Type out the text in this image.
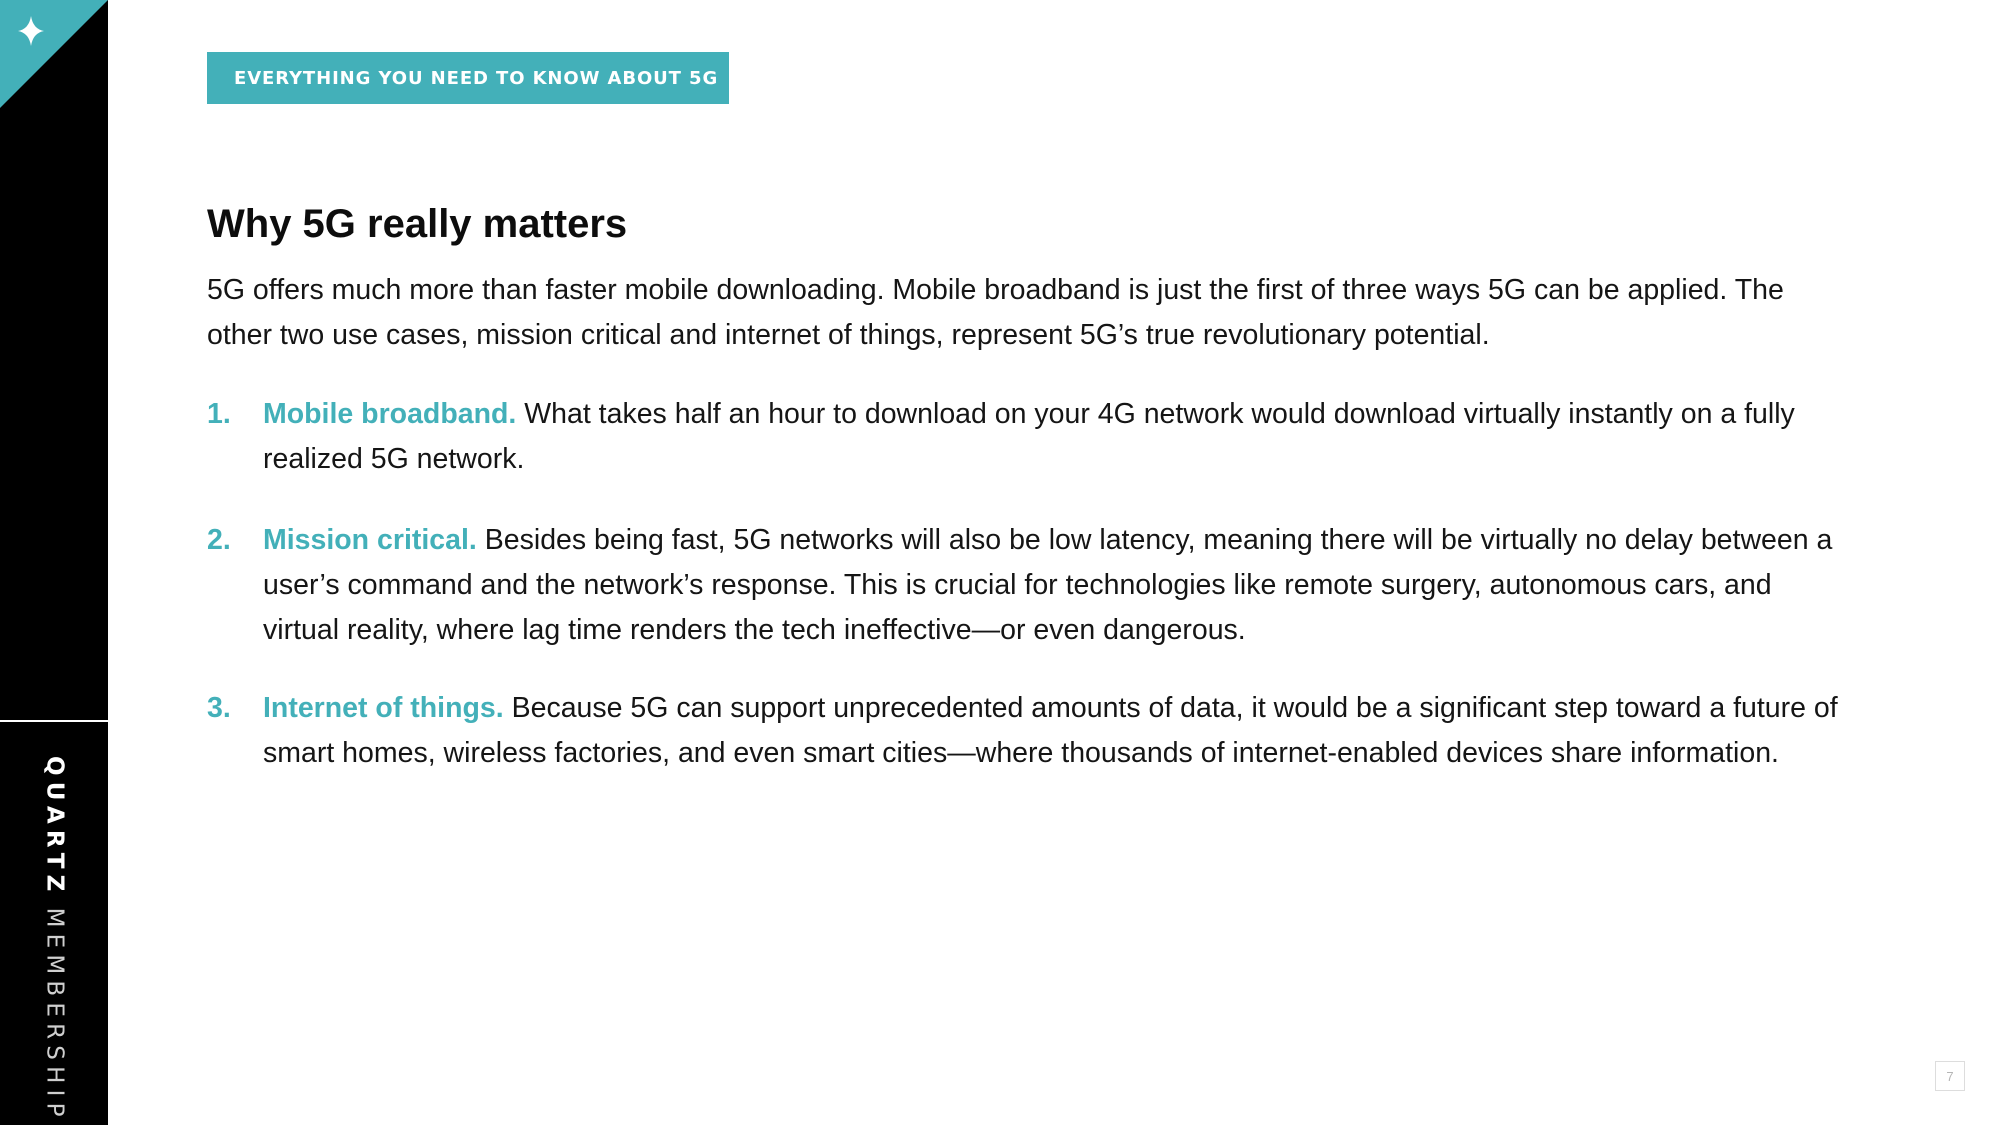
QUARTZMEMBERSHIP
EVERYTHING YOU NEED TO KNOW ABOUT 5G
Why 5G really matters

5G offers much more than faster mobile downloading. Mobile broadband is just the first of three ways 5G can be applied. The other two use cases, mission critical and internet of things, represent 5G’s true revolutionary potential.

1. Mobile broadband. What takes half an hour to download on your 4G network would download virtually instantly on a fully realized 5G network.
2. Mission critical. Besides being fast, 5G networks will also be low latency, meaning there will be virtually no delay between a user’s command and the network’s response. This is crucial for technologies like remote surgery, autonomous cars, and virtual reality, where lag time renders the tech ineffective—or even dangerous.
3. Internet of things. Because 5G can support unprecedented amounts of data, it would be a significant step toward a future of smart homes, wireless factories, and even smart cities—where thousands of internet-enabled devices share information.
7
